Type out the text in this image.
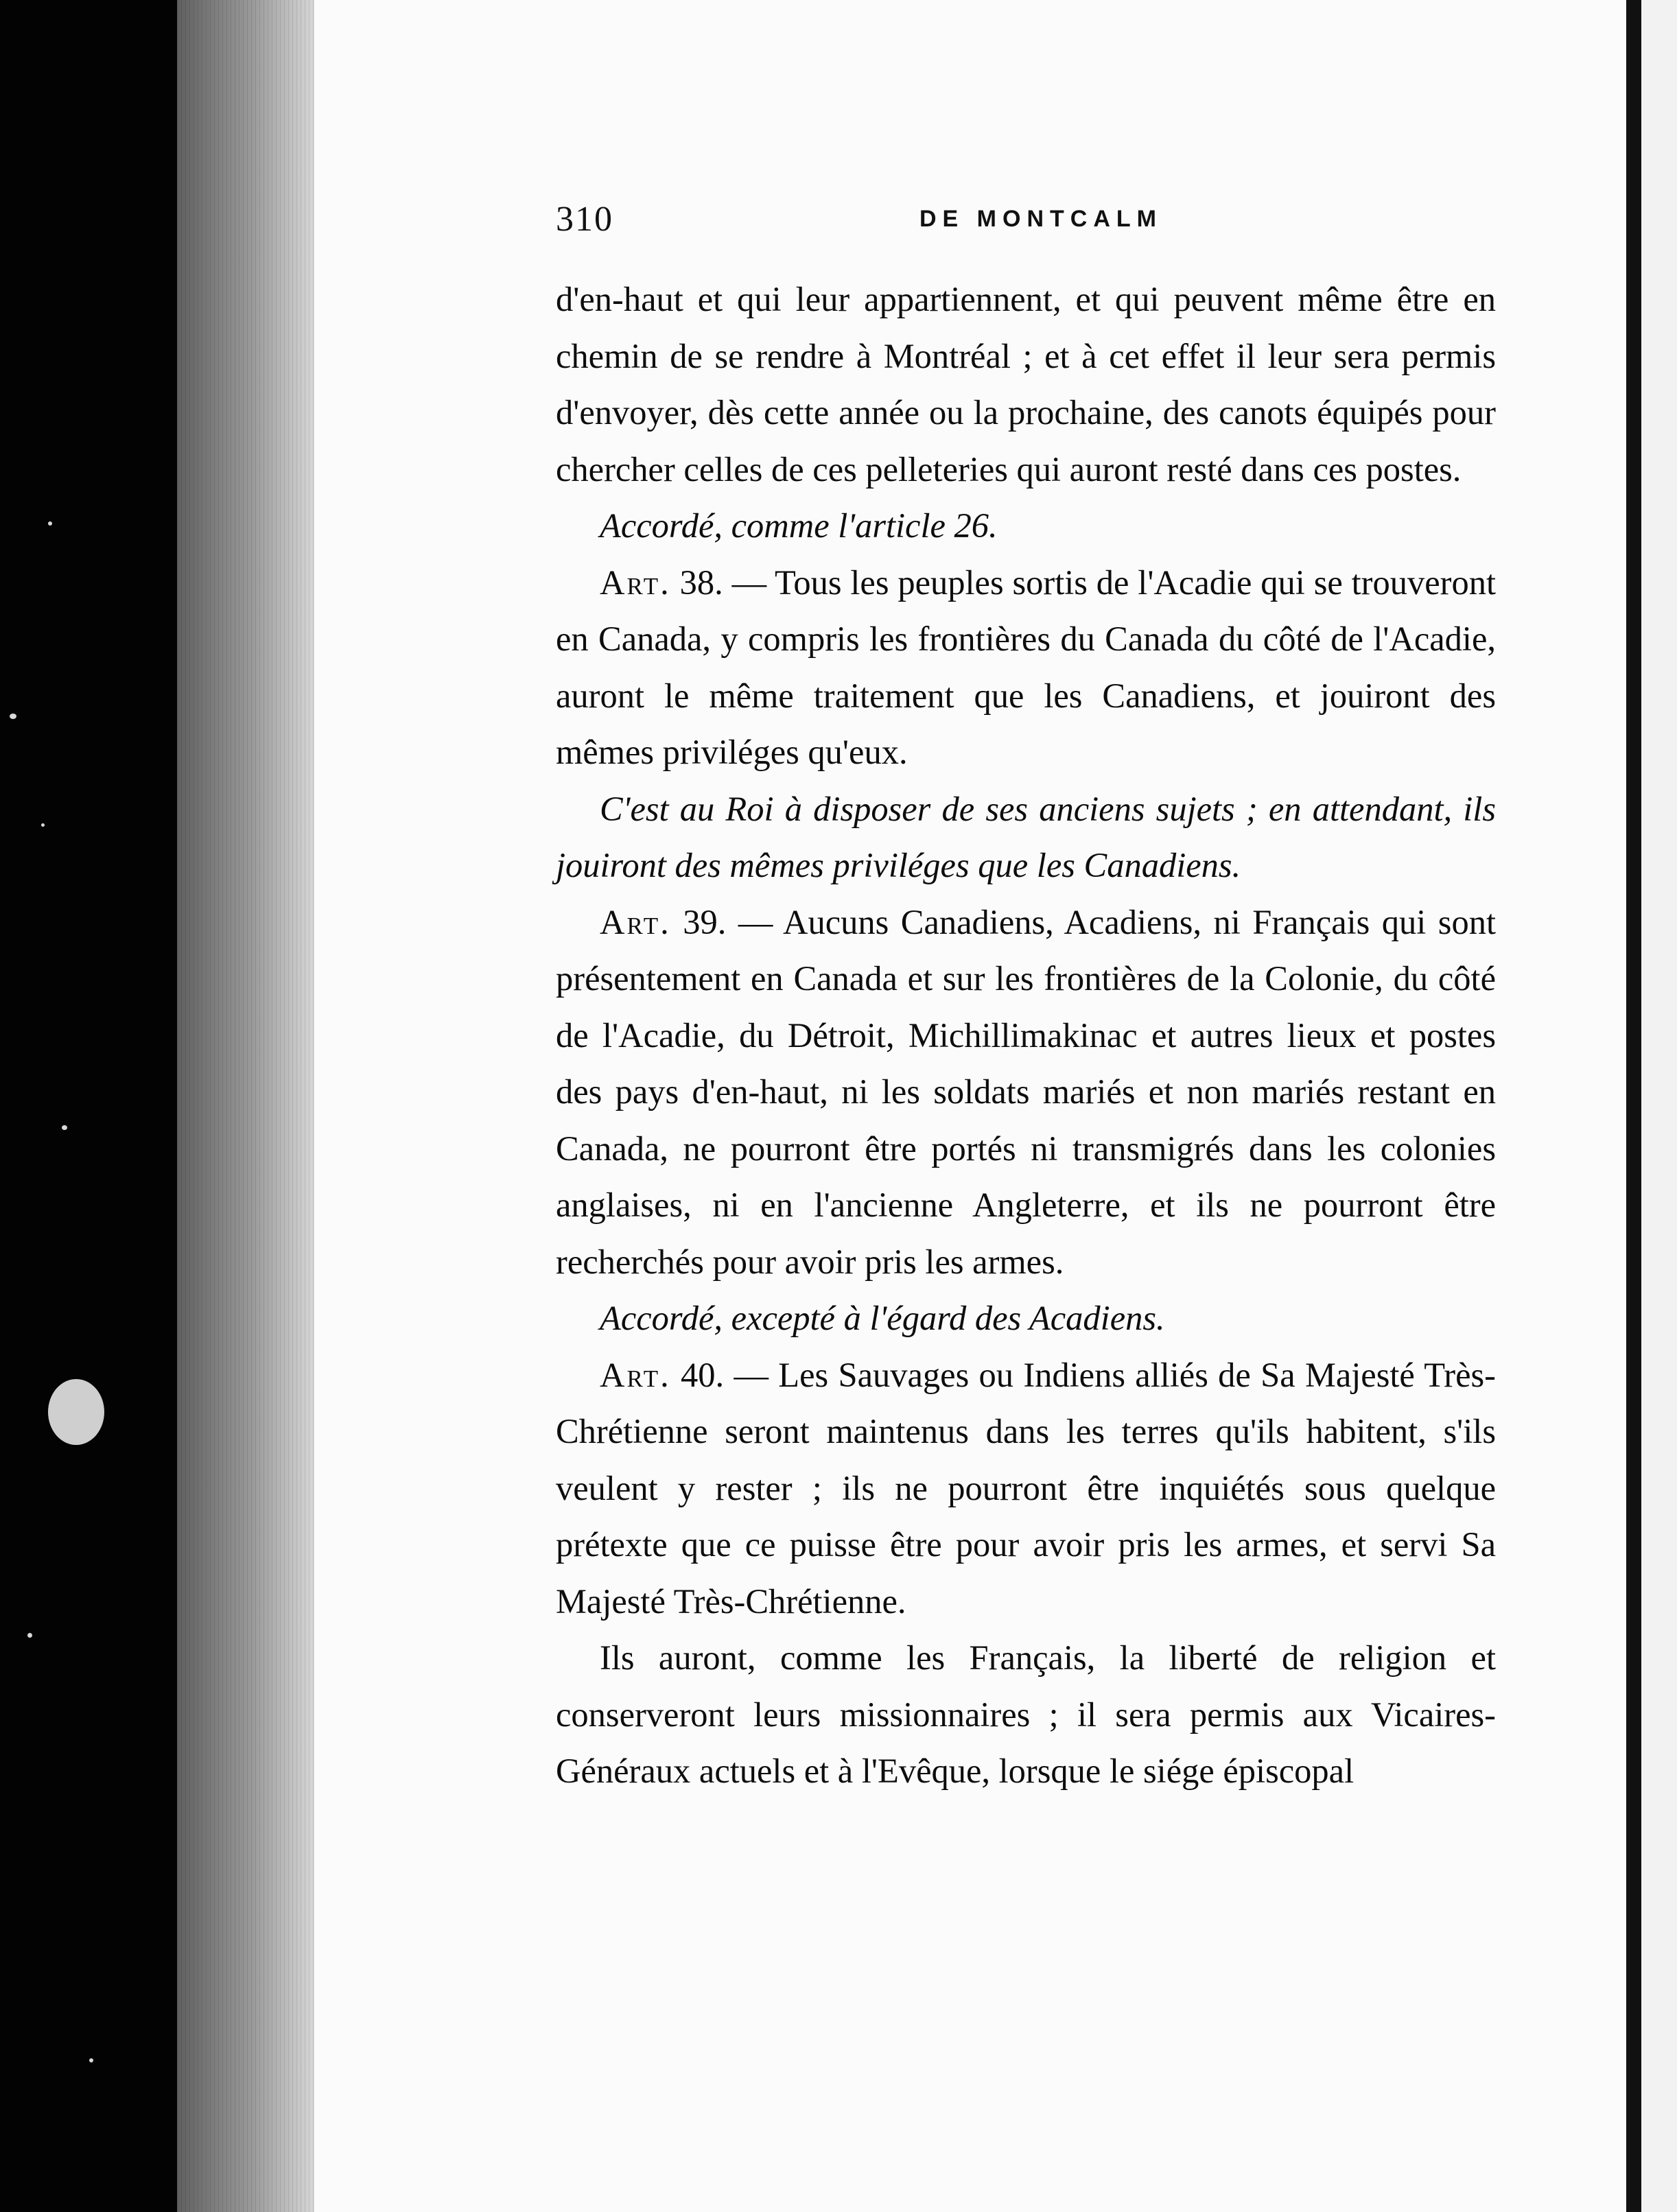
310	DE MONTCALM

d'en-haut et qui leur appartiennent, et qui peuvent même être en chemin de se rendre à Montréal ; et à cet effet il leur sera permis d'envoyer, dès cette année ou la prochaine, des canots équipés pour chercher celles de ces pelleteries qui auront resté dans ces postes.

Accordé, comme l'article 26.

Art. 38. — Tous les peuples sortis de l'Acadie qui se trouveront en Canada, y compris les frontières du Canada du côté de l'Acadie, auront le même traitement que les Canadiens, et jouiront des mêmes priviléges qu'eux.

C'est au Roi à disposer de ses anciens sujets ; en attendant, ils jouiront des mêmes priviléges que les Canadiens.

Art. 39. — Aucuns Canadiens, Acadiens, ni Français qui sont présentement en Canada et sur les frontières de la Colonie, du côté de l'Acadie, du Détroit, Michillimakinac et autres lieux et postes des pays d'en-haut, ni les soldats mariés et non mariés restant en Canada, ne pourront être portés ni transmigrés dans les colonies anglaises, ni en l'ancienne Angleterre, et ils ne pourront être recherchés pour avoir pris les armes.

Accordé, excepté à l'égard des Acadiens.

Art. 40. — Les Sauvages ou Indiens alliés de Sa Majesté Très-Chrétienne seront maintenus dans les terres qu'ils habitent, s'ils veulent y rester ; ils ne pourront être inquiétés sous quelque prétexte que ce puisse être pour avoir pris les armes, et servi Sa Majesté Très-Chrétienne.

Ils auront, comme les Français, la liberté de religion et conserveront leurs missionnaires ; il sera permis aux Vicaires-Généraux actuels et à l'Evêque, lorsque le siége épiscopal
